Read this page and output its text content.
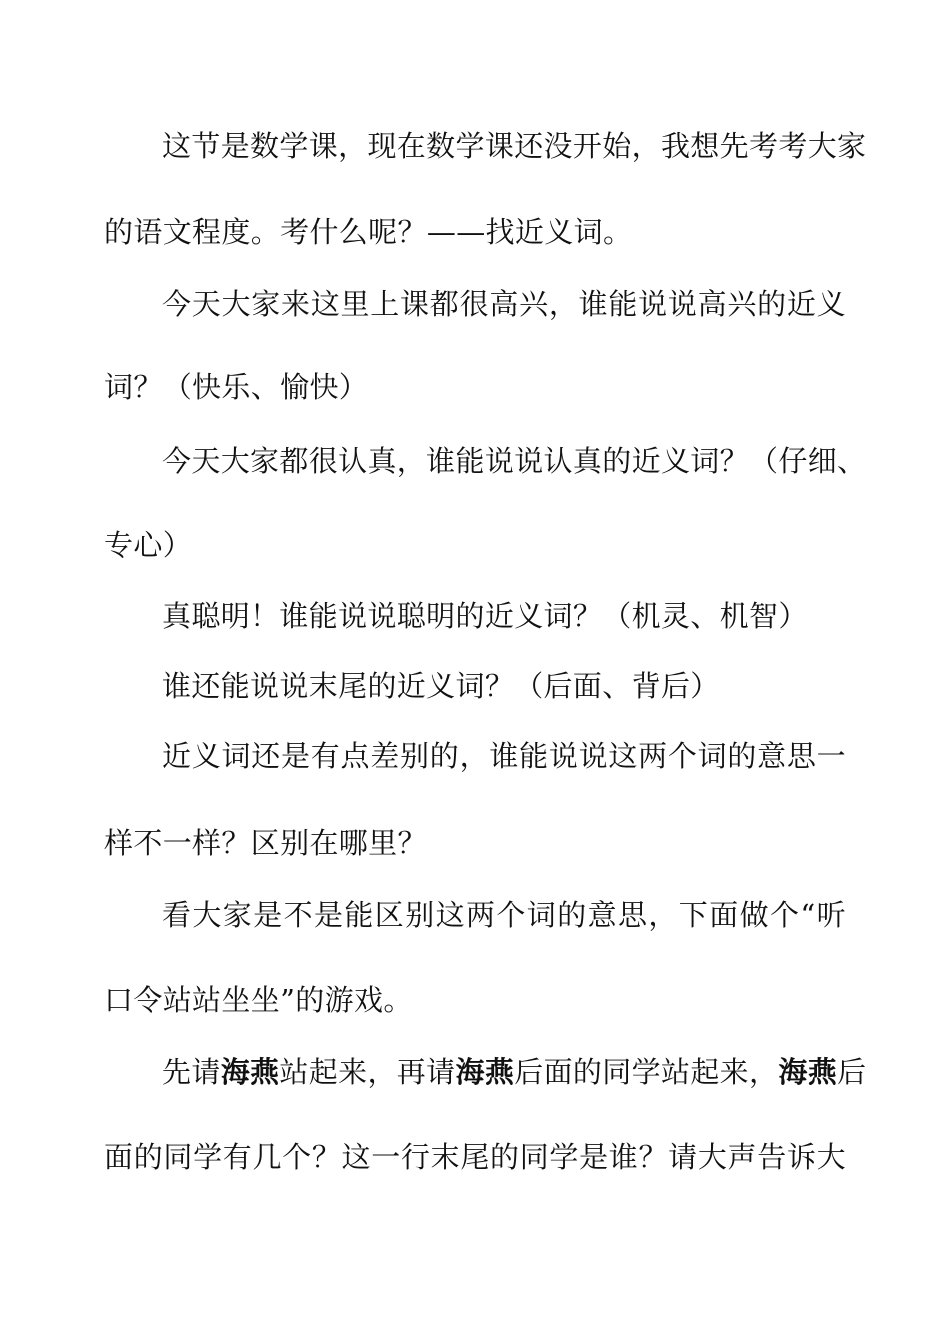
这节是数学课，现在数学课还没开始，我想先考考大家
的语文程度。考什么呢？——找近义词。
今天大家来这里上课都很高兴，谁能说说高兴的近义
词？（快乐、愉快）
今天大家都很认真，谁能说说认真的近义词？（仔细、
专心）
真聪明！谁能说说聪明的近义词？（机灵、机智）
谁还能说说末尾的近义词？（后面、背后）
近义词还是有点差别的，谁能说说这两个词的意思一
样不一样？区别在哪里？
看大家是不是能区别这两个词的意思，下面做个“听
口令站站坐坐”的游戏。
先请海燕站起来，再请海燕后面的同学站起来，海燕后
面的同学有几个？这一行末尾的同学是谁？请大声告诉大
